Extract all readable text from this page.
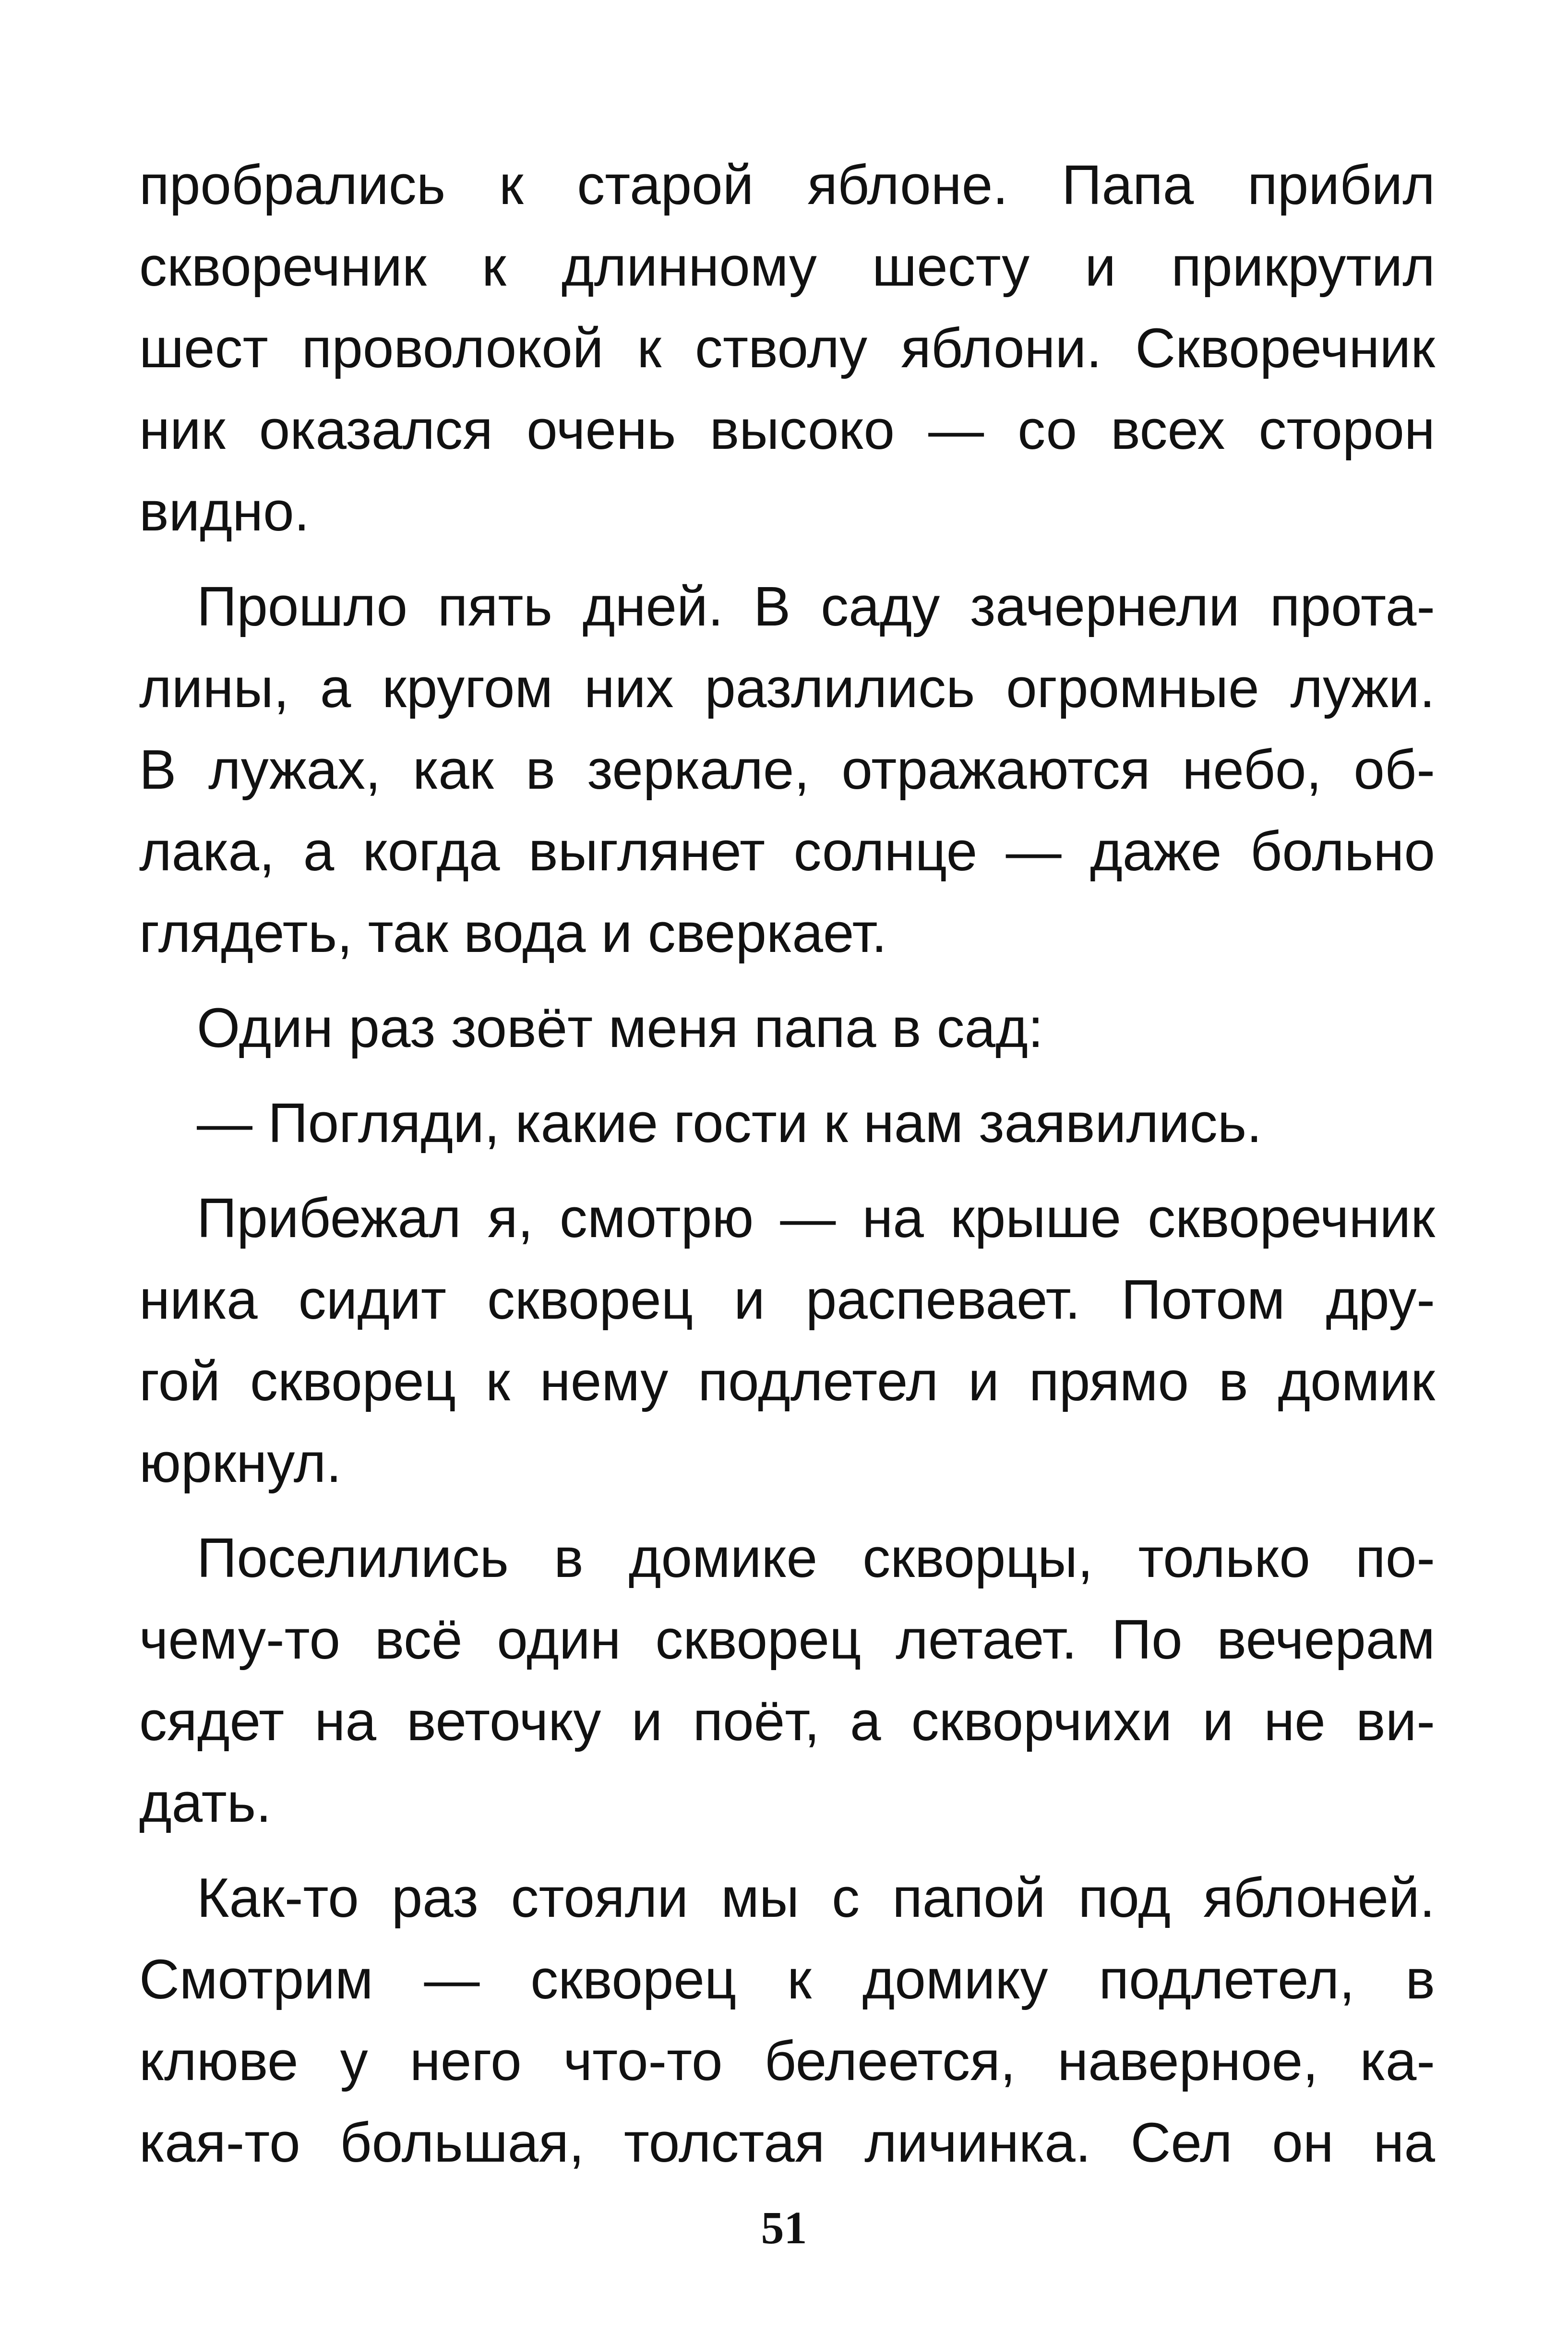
пробрались к старой яблоне. Папа прибил
скворечник к длинному шесту и прикрутил
шест проволокой к стволу яблони. Скворечник
ник оказался очень высоко — со всех сторон
видно.
Прошло пять дней. В саду зачернели прота-
лины, а кругом них разлились огромные лужи.
В лужах, как в зеркале, отражаются небо, об-
лака, а когда выглянет солнце — даже больно
глядеть, так вода и сверкает.
Один раз зовёт меня папа в сад:
— Погляди, какие гости к нам заявились.
Прибежал я, смотрю — на крыше скворечник
ника сидит скворец и распевает. Потом дру-
гой скворец к нему подлетел и прямо в домик
юркнул.
Поселились в домике скворцы, только по-
чему-то всё один скворец летает. По вечерам
сядет на веточку и поёт, а скворчихи и не ви-
дать.
Как-то раз стояли мы с папой под яблоней.
Смотрим — скворец к домику подлетел, в
клюве у него что-то белеется, наверное, ка-
кая-то большая, толстая личинка. Сел он на
51
